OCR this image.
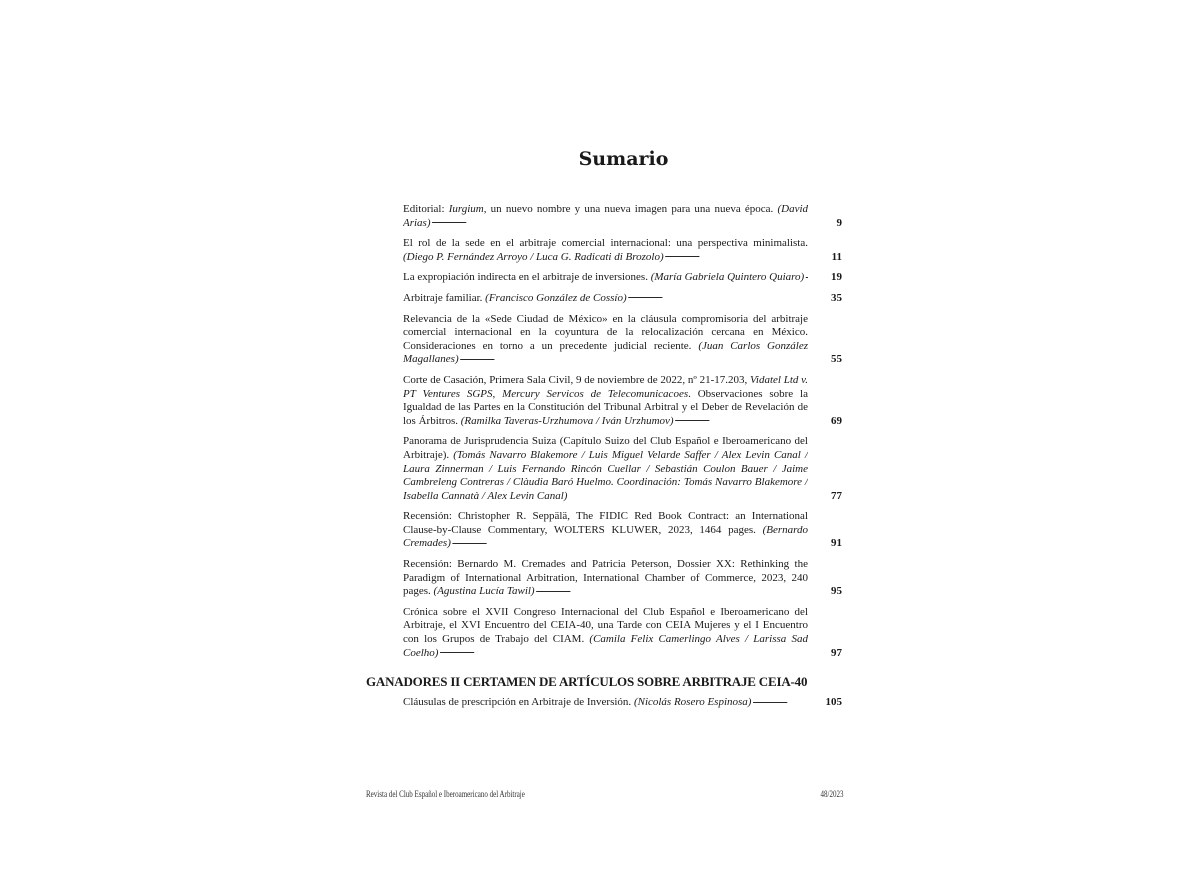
Sumario

Editorial: Iurgium, un nuevo nombre y una nueva imagen para una nueva época. (David Arias)	9

El rol de la sede en el arbitraje comercial internacional: una perspectiva minimalista. (Diego P. Fernández Arroyo / Luca G. Radicati di Brozolo)	11

La expropiación indirecta en el arbitraje de inversiones. (María Gabriela Quintero Quiaro)	19

Arbitraje familiar. (Francisco González de Cossío)	35

Relevancia de la «Sede Ciudad de México» en la cláusula compromisoria del arbitraje comercial internacional en la coyuntura de la relocalización cercana en México. Consideraciones en torno a un precedente judicial reciente. (Juan Carlos González Magallanes)	55

Corte de Casación, Primera Sala Civil, 9 de noviembre de 2022, nº 21-17.203, Vidatel Ltd v. PT Ventures SGPS, Mercury Servicos de Telecomunicacoes. Observaciones sobre la Igualdad de las Partes en la Constitución del Tribunal Arbitral y el Deber de Revelación de los Árbitros. (Ramilka Taveras-Urzhumova / Iván Urzhumov)	69

Panorama de Jurisprudencia Suiza (Capítulo Suizo del Club Español e Iberoamericano del Arbitraje). (Tomás Navarro Blakemore / Luis Miguel Velarde Saffer / Alex Levin Canal / Laura Zinnerman / Luis Fernando Rincón Cuellar / Sebastián Coulon Bauer / Jaime Cambreleng Contreras / Clàudia Baró Huelmo. Coordinación: Tomás Navarro Blakemore / Isabella Cannatà / Alex Levin Canal)	77

Recensión: Christopher R. Seppälä, The FIDIC Red Book Contract: an International Clause-by-Clause Commentary, WOLTERS KLUWER, 2023, 1464 pages. (Bernardo Cremades)	91

Recensión: Bernardo M. Cremades and Patricia Peterson, Dossier XX: Rethinking the Paradigm of International Arbitration, International Chamber of Commerce, 2023, 240 pages. (Agustina Lucía Tawil)	95

Crónica sobre el XVII Congreso Internacional del Club Español e Iberoamericano del Arbitraje, el XVI Encuentro del CEIA-40, una Tarde con CEIA Mujeres y el I Encuentro con los Grupos de Trabajo del CIAM. (Camila Felix Camerlingo Alves / Larissa Sad Coelho)	97
GANADORES II CERTAMEN DE ARTÍCULOS SOBRE ARBITRAJE CEIA-40

Cláusulas de prescripción en Arbitraje de Inversión. (Nicolás Rosero Espinosa)	105
Revista del Club Español e Iberoamericano del Arbitraje	48/2023
